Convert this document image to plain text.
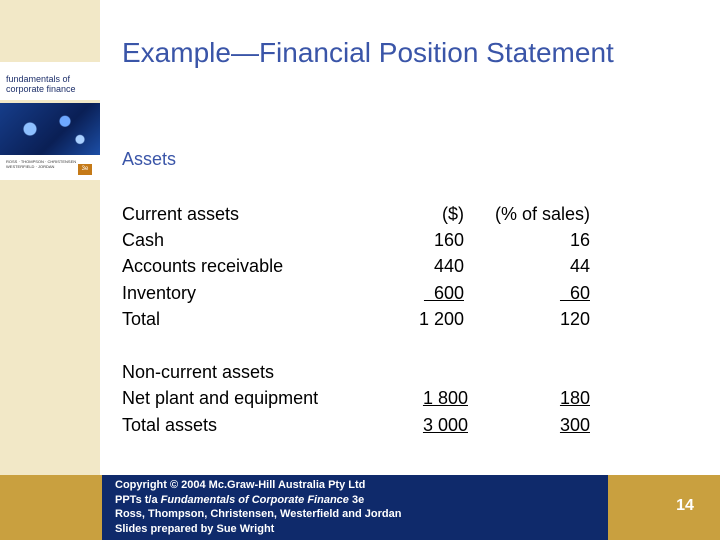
fundamentals of
corporate finance
ROSS · THOMPSON · CHRISTENSEN
WESTERFIELD · JORDAN	3e
Example—Financial Position Statement
Assets
Current assets	($) (% of sales)
Cash	160	16
Accounts receivable	440	44
Inventory	600	60
Total	1 200	120
Non-current assets
Net plant and equipment	1 800	180
Total assets	3 000	300
Copyright © 2004 Mc.Graw-Hill Australia Pty Ltd
PPTs t/a Fundamentals of Corporate Finance 3e
Ross, Thompson, Christensen, Westerfield and Jordan
Slides prepared by Sue Wright
14
